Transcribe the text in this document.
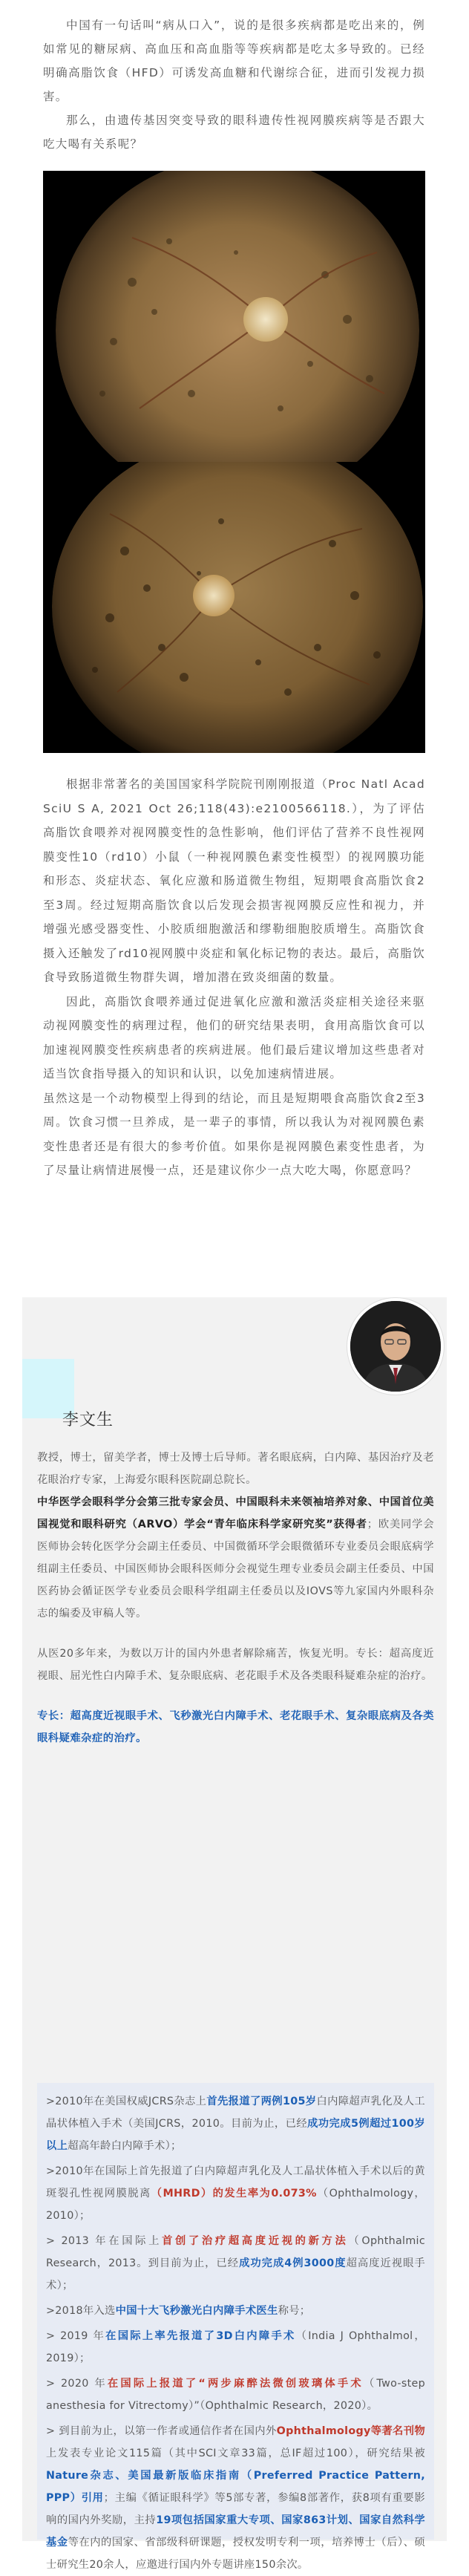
中国有一句话叫“病从口入”，说的是很多疾病都是吃出来的，例如常见的糖尿病、高血压和高血脂等等疾病都是吃太多导致的。已经明确高脂饮食（HFD）可诱发高血糖和代谢综合征，进而引发视力损害。

那么，由遗传基因突变导致的眼科遗传性视网膜疾病等是否跟大吃大喝有关系呢？

根据非常著名的美国国家科学院院刊刚刚报道（Proc Natl Acad SciU S A, 2021 Oct 26;118(43):e2100566118.），为了评估高脂饮食喂养对视网膜变性的急性影响，他们评估了营养不良性视网膜变性10（rd10）小鼠（一种视网膜色素变性模型）的视网膜功能和形态、炎症状态、氧化应激和肠道微生物组，短期喂食高脂饮食2至3周。经过短期高脂饮食以后发现会损害视网膜反应性和视力，并增强光感受器变性、小胶质细胞激活和缪勒细胞胶质增生。高脂饮食摄入还触发了rd10视网膜中炎症和氧化标记物的表达。最后，高脂饮食导致肠道微生物群失调，增加潜在致炎细菌的数量。

因此，高脂饮食喂养通过促进氧化应激和激活炎症相关途径来驱动视网膜变性的病理过程，他们的研究结果表明，食用高脂饮食可以加速视网膜变性疾病患者的疾病进展。他们最后建议增加这些患者对适当饮食指导摄入的知识和认识，以免加速病情进展。

虽然这是一个动物模型上得到的结论，而且是短期喂食高脂饮食2至3周。饮食习惯一旦养成，是一辈子的事情，所以我认为对视网膜色素变性患者还是有很大的参考价值。如果你是视网膜色素变性患者，为了尽量让病情进展慢一点，还是建议你少一点大吃大喝，你愿意吗？

李文生

教授，博士，留美学者，博士及博士后导师。著名眼底病，白内障、基因治疗及老花眼治疗专家，上海爱尔眼科医院副总院长。

中华医学会眼科学分会第三批专家会员、中国眼科未来领袖培养对象、中国首位美国视觉和眼科研究（ARVO）学会“青年临床科学家研究奖”获得者；欧美同学会医师协会转化医学分会副主任委员、中国微循环学会眼微循环专业委员会眼底病学组副主任委员、中国医师协会眼科医师分会视觉生理专业委员会副主任委员、中国医药协会循证医学专业委员会眼科学组副主任委员以及IOVS等九家国内外眼科杂志的编委及审稿人等。

从医20多年来，为数以万计的国内外患者解除痛苦，恢复光明。专长：超高度近视眼、屈光性白内障手术、复杂眼底病、老花眼手术及各类眼科疑难杂症的治疗。

专长：超高度近视眼手术、飞秒激光白内障手术、老花眼手术、复杂眼底病及各类眼科疑难杂症的治疗。

>2010年在美国权威JCRS杂志上首先报道了两例105岁白内障超声乳化及人工晶状体植入手术（美国JCRS，2010。目前为止，已经成功完成5例超过100岁以上超高年龄白内障手术）；

>2010年在国际上首先报道了白内障超声乳化及人工晶状体植入手术以后的黄斑裂孔性视网膜脱离（MHRD）的发生率为0.073%（Ophthalmology，2010）；

> 2013 年在国际上首创了治疗超高度近视的新方法（Ophthalmic Research，2013。到目前为止，已经成功完成4例3000度超高度近视眼手术）；

>2018年入选中国十大飞秒激光白内障手术医生称号；

> 2019 年在国际上率先报道了3D白内障手术（India J Ophthalmol，2019）；

> 2020 年在国际上报道了“两步麻醉法微创玻璃体手术（Two-step anesthesia for Vitrectomy）”（Ophthalmic Research，2020）。

> 到目前为止，以第一作者或通信作者在国内外Ophthalmology等著名刊物上发表专业论文115篇（其中SCI文章33篇，总IF超过100），研究结果被Nature杂志、美国最新版临床指南（Preferred Practice Pattern, PPP）引用；主编《循证眼科学》等5部专著，参编8部著作，获8项有重要影响的国内外奖励，主持19项包括国家重大专项、国家863计划、国家自然科学基金等在内的国家、省部级科研课题，授权发明专利一项，培养博士（后）、硕士研究生20余人，应邀进行国内外专题讲座150余次。
